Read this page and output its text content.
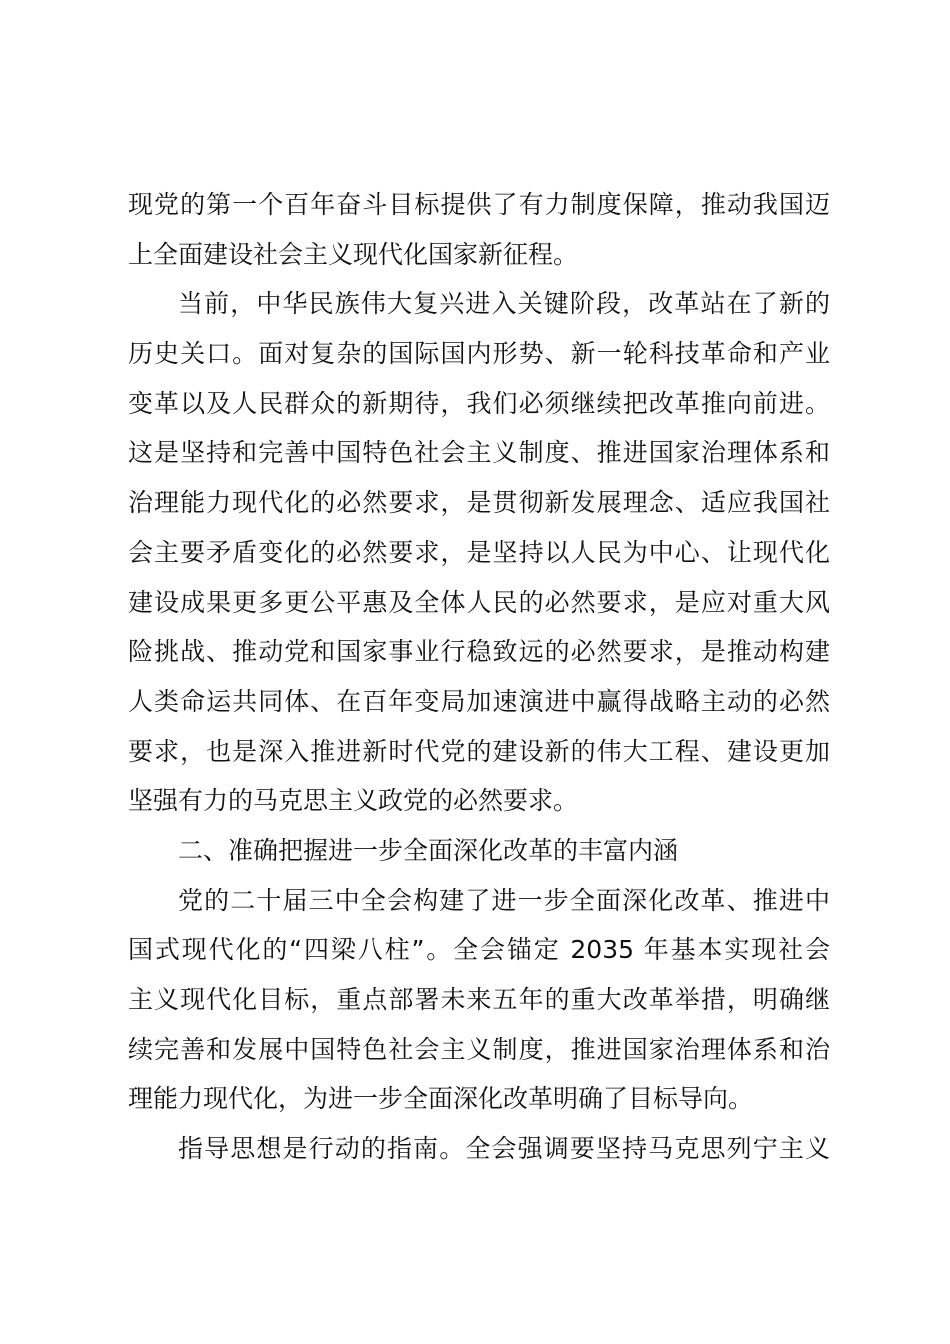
现党的第一个百年奋斗目标提供了有力制度保障，推动我国迈
上全面建设社会主义现代化国家新征程。
当前，中华民族伟大复兴进入关键阶段，改革站在了新的
历史关口。面对复杂的国际国内形势、新一轮科技革命和产业
变革以及人民群众的新期待，我们必须继续把改革推向前进。
这是坚持和完善中国特色社会主义制度、推进国家治理体系和
治理能力现代化的必然要求，是贯彻新发展理念、适应我国社
会主要矛盾变化的必然要求，是坚持以人民为中心、让现代化
建设成果更多更公平惠及全体人民的必然要求，是应对重大风
险挑战、推动党和国家事业行稳致远的必然要求，是推动构建
人类命运共同体、在百年变局加速演进中赢得战略主动的必然
要求，也是深入推进新时代党的建设新的伟大工程、建设更加
坚强有力的马克思主义政党的必然要求。
二、准确把握进一步全面深化改革的丰富内涵
党的二十届三中全会构建了进一步全面深化改革、推进中
国式现代化的“四梁八柱”。全会锚定 2035 年基本实现社会
主义现代化目标，重点部署未来五年的重大改革举措，明确继
续完善和发展中国特色社会主义制度，推进国家治理体系和治
理能力现代化，为进一步全面深化改革明确了目标导向。
指导思想是行动的指南。全会强调要坚持马克思列宁主义
